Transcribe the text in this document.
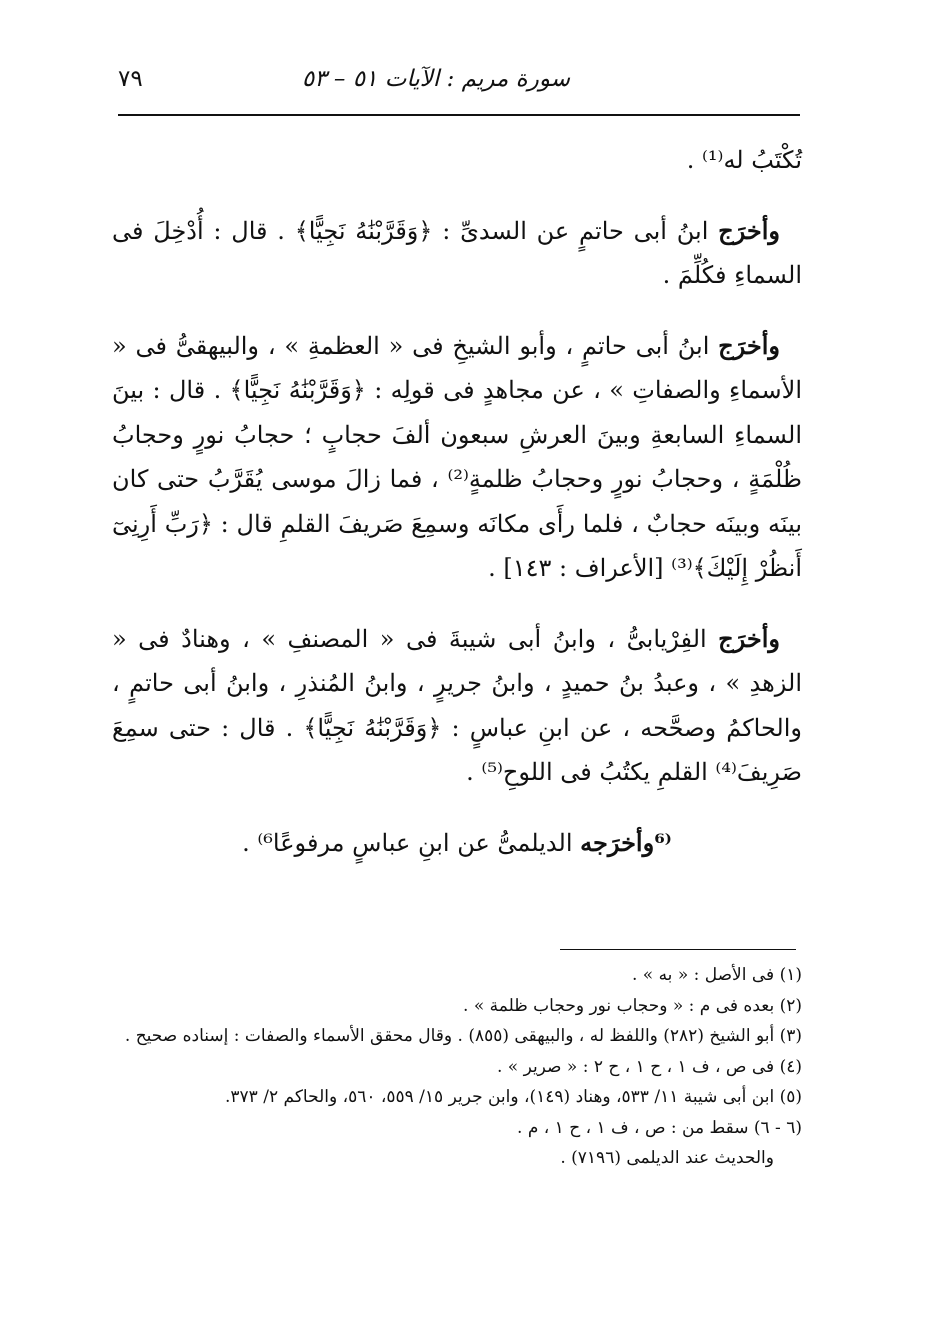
سورة مريم : الآيات ٥١ – ٥٣
٧٩

تُكْتَبُ له⁽¹⁾ .

وأخرَج ابنُ أبى حاتمٍ عن السدىِّ : ﴿وَقَرَّبْنَٰهُ نَجِيًّا﴾ . قال : أُدْخِلَ فى السماءِ فكُلِّمَ .

وأخرَج ابنُ أبى حاتمٍ ، وأبو الشيخِ فى « العظمةِ » ، والبيهقىُّ فى « الأسماءِ والصفاتِ » ، عن مجاهدٍ فى قولِه : ﴿وَقَرَّبْنَٰهُ نَجِيًّا﴾ . قال : بينَ السماءِ السابعةِ وبينَ العرشِ سبعون ألفَ حجابٍ ؛ حجابُ نورٍ وحجابُ ظُلْمَةٍ ، وحجابُ نورٍ وحجابُ ظلمةٍ⁽²⁾ ، فما زالَ موسى يُقَرَّبُ حتى كان بينَه وبينَه حجابٌ ، فلما رأَى مكانَه وسمِعَ صَريفَ القلمِ قال : ﴿رَبِّ أَرِنِىٓ أَنظُرْ إِلَيْكَ﴾⁽³⁾ [الأعراف : ١٤٣] .

وأخرَج الفِرْيابىُّ ، وابنُ أبى شيبةَ فى « المصنفِ » ، وهنادٌ فى « الزهدِ » ، وعبدُ بنُ حميدٍ ، وابنُ جريرٍ ، وابنُ المُنذرِ ، وابنُ أبى حاتمٍ ، والحاكمُ وصحَّحه ، عن ابنِ عباسٍ : ﴿وَقَرَّبْنَٰهُ نَجِيًّا﴾ . قال : حتى سمِعَ صَرِيفَ⁽⁴⁾ القلمِ يكتُبُ فى اللوحِ⁽⁵⁾ .

⁽⁶وأخرَجه الديلمىُّ عن ابنِ عباسٍ مرفوعًا⁶⁾ .

(١) فى الأصل : « به » .

(٢) بعده فى م : « وحجاب نور وحجاب ظلمة » .

(٣) أبو الشيخ (٢٨٢) واللفظ له ، والبيهقى (٨٥٥) . وقال محقق الأسماء والصفات : إسناده صحيح .

(٤) فى ص ، ف ١ ، ح ١ ، ح ٢ : « صرير » .

(٥) ابن أبى شيبة ١١/ ٥٣٣، وهناد (١٤٩)، وابن جرير ١٥/ ٥٥٩، ٥٦٠، والحاكم ٢/ ٣٧٣.

(٦ - ٦) سقط من : ص ، ف ١ ، ح ١ ، م .

والحديث عند الديلمى (٧١٩٦) .
